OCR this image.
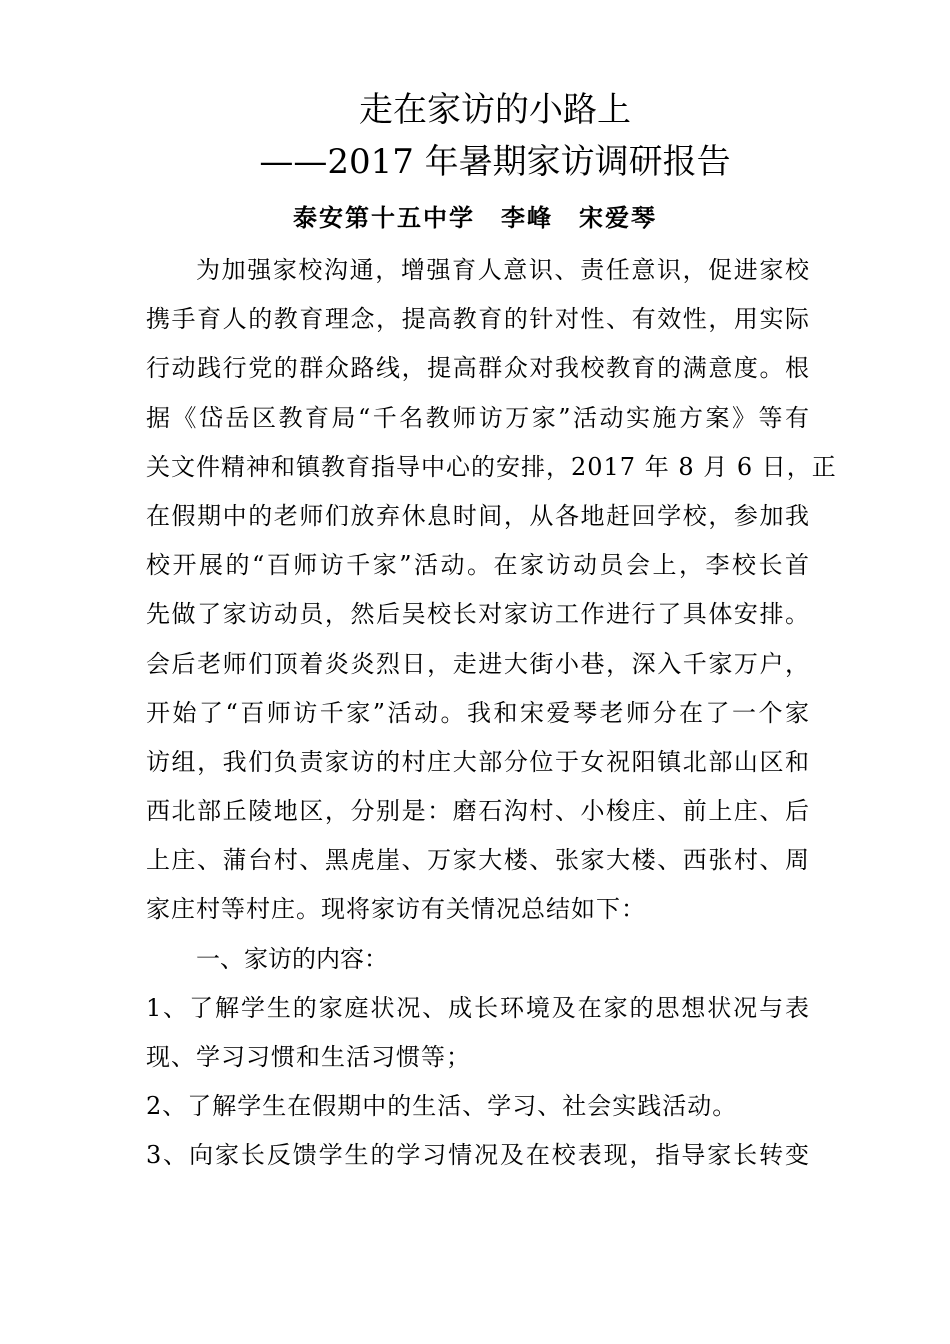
走在家访的小路上
——2017 年暑期家访调研报告
泰安第十五中学　李峰　宋爱琴
为加强家校沟通，增强育人意识、责任意识，促进家校
携手育人的教育理念，提高教育的针对性、有效性，用实际
行动践行党的群众路线，提高群众对我校教育的满意度。根
据《岱岳区教育局“千名教师访万家”活动实施方案》等有
关文件精神和镇教育指导中心的安排，2017 年 8 月 6 日，正
在假期中的老师们放弃休息时间，从各地赶回学校，参加我
校开展的“百师访千家”活动。在家访动员会上，李校长首
先做了家访动员，然后吴校长对家访工作进行了具体安排。
会后老师们顶着炎炎烈日，走进大街小巷，深入千家万户，
开始了“百师访千家”活动。我和宋爱琴老师分在了一个家
访组，我们负责家访的村庄大部分位于女祝阳镇北部山区和
西北部丘陵地区，分别是：磨石沟村、小梭庄、前上庄、后
上庄、蒲台村、黑虎崖、万家大楼、张家大楼、西张村、周
家庄村等村庄。现将家访有关情况总结如下：
一、家访的内容：
1、了解学生的家庭状况、成长环境及在家的思想状况与表
现、学习习惯和生活习惯等；
2、了解学生在假期中的生活、学习、社会实践活动。
3、向家长反馈学生的学习情况及在校表现，指导家长转变
